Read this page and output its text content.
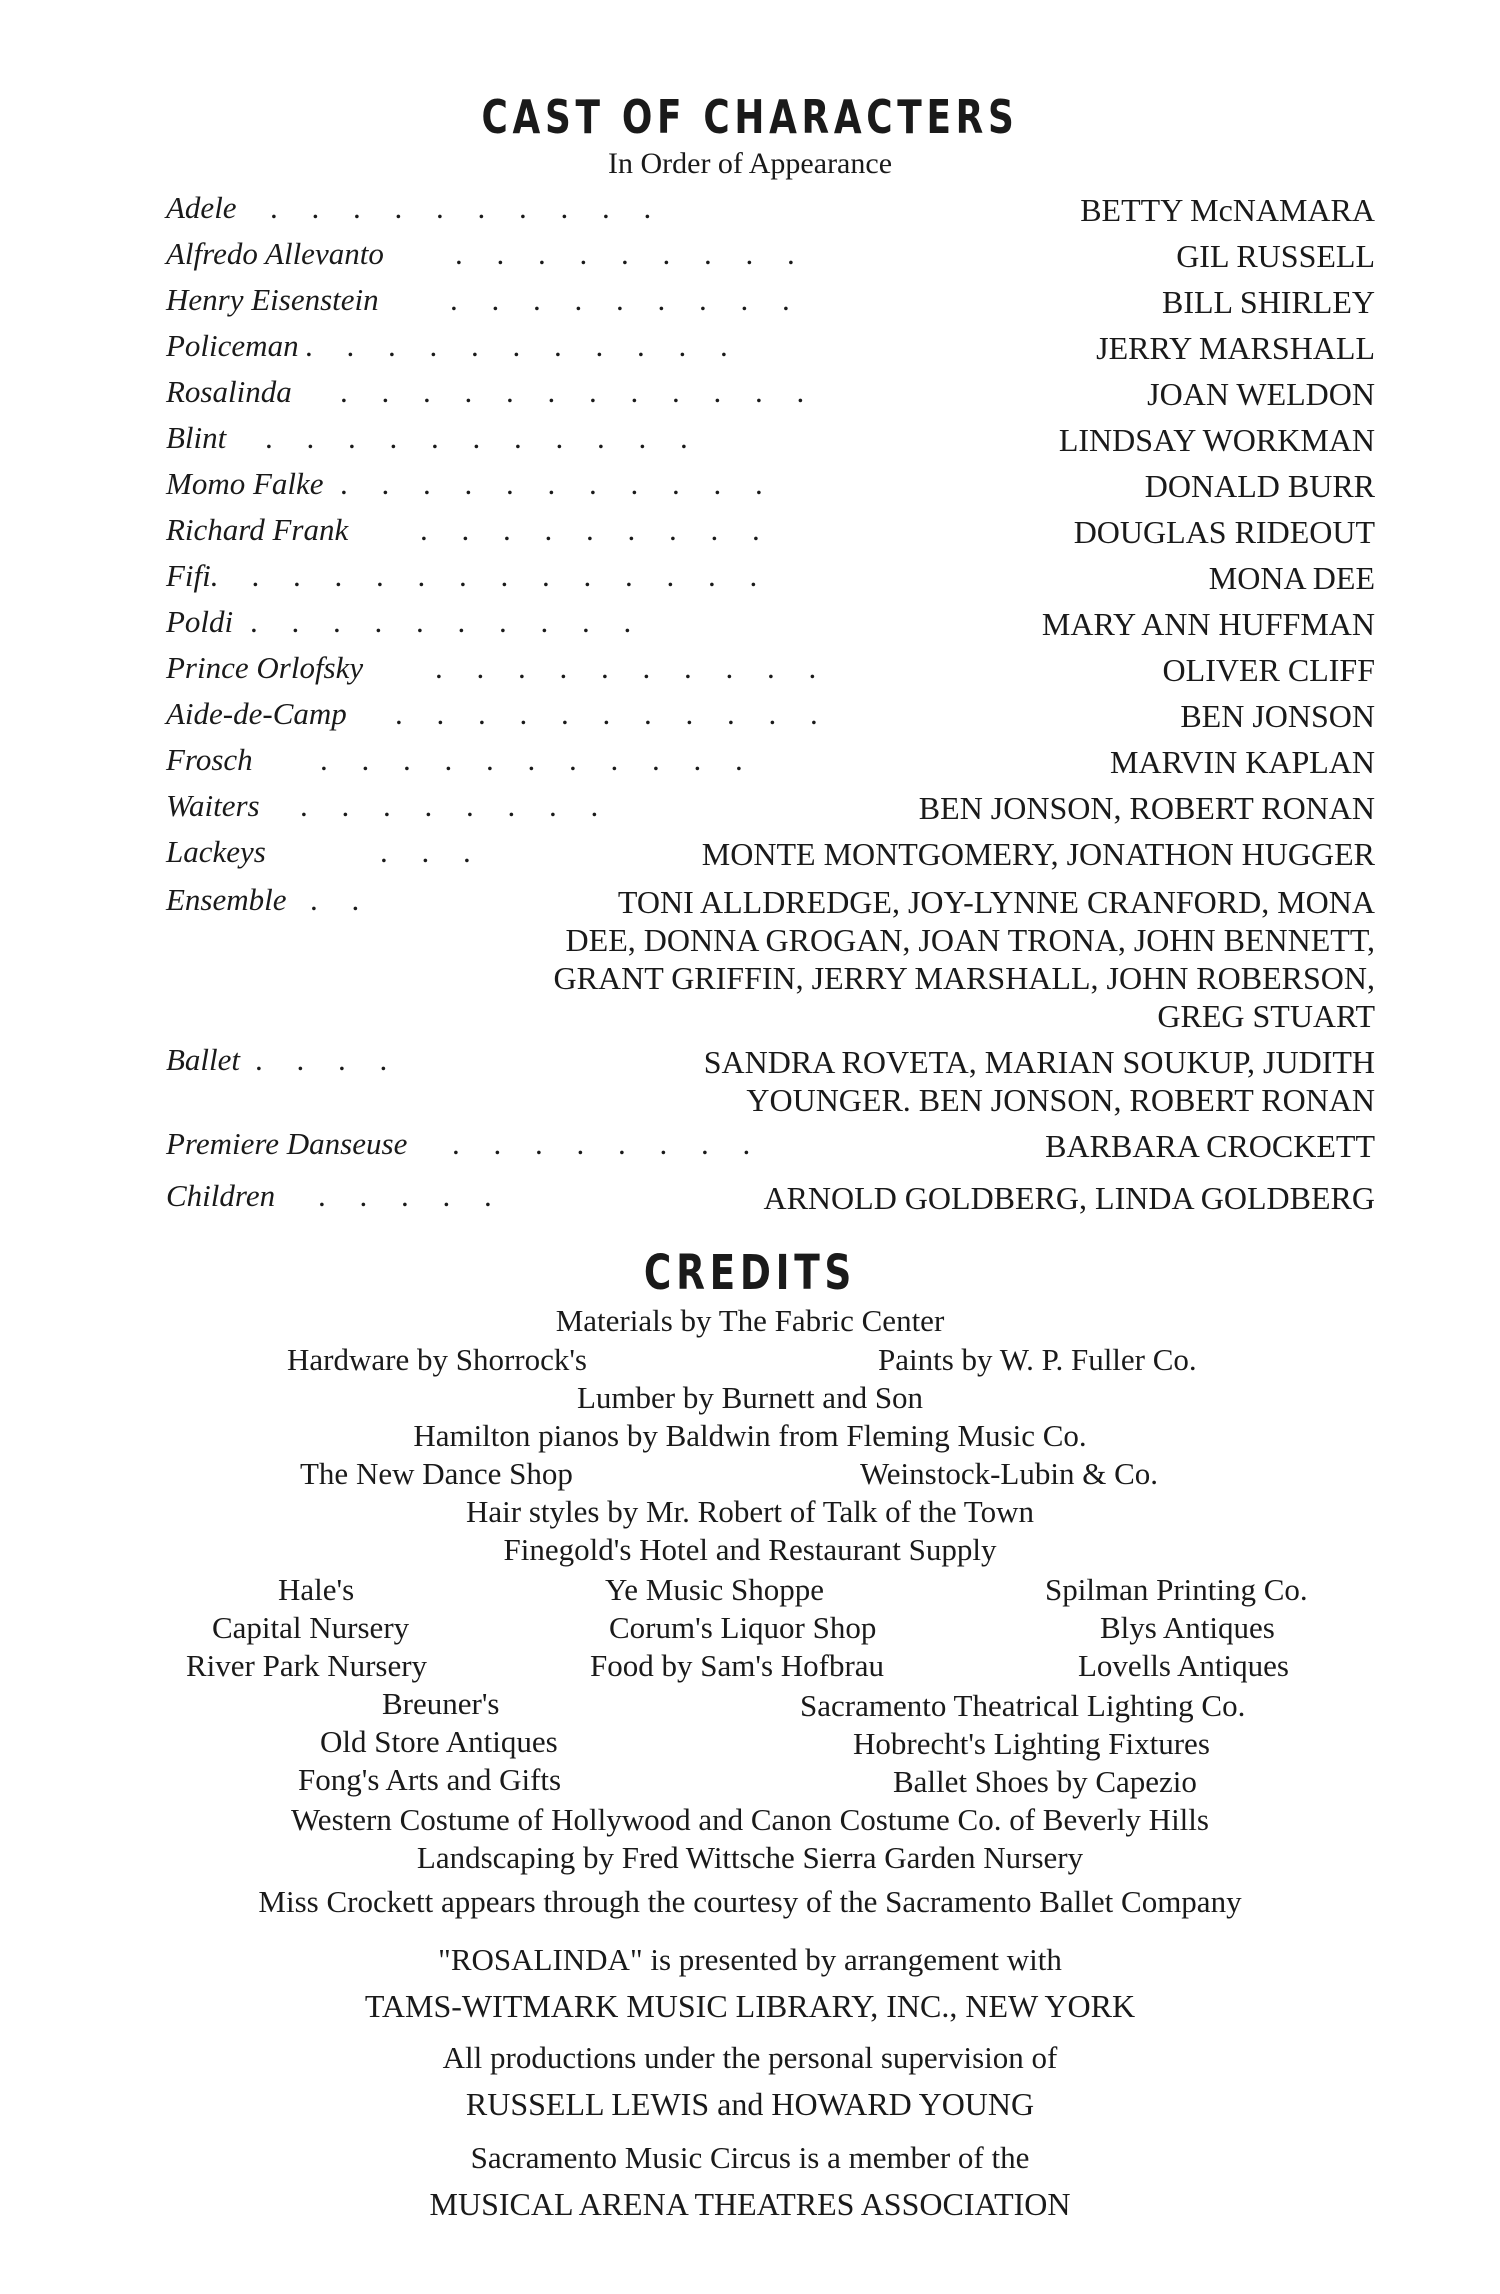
CAST OF CHARACTERS
In Order of Appearance
Adele . . . . . . . . . .	BETTY McNAMARA
Alfredo Allevanto . . . . . . . . .	GIL RUSSELL
Henry Eisenstein . . . . . . . . .	BILL SHIRLEY
Policeman . . . . . . . . . . .	JERRY MARSHALL
Rosalinda . . . . . . . . . . . .	JOAN WELDON
Blint . . . . . . . . . . .	LINDSAY WORKMAN
Momo Falke . . . . . . . . . . .	DONALD BURR
Richard Frank . . . . . . . . .	DOUGLAS RIDEOUT
Fifi . . . . . . . . . . . . . .	MONA DEE
Poldi . . . . . . . . . .	MARY ANN HUFFMAN
Prince Orlofsky . . . . . . . . . .	OLIVER CLIFF
Aide-de-Camp . . . . . . . . . . .	BEN JONSON
Frosch . . . . . . . . . . .	MARVIN KAPLAN
Waiters . . . . . . . .	BEN JONSON, ROBERT RONAN
Lackeys	. . .	MONTE MONTGOMERY, JONATHON HUGGER
Ensemble . .	TONI ALLDREDGE, JOY-LYNNE CRANFORD, MONA
DEE, DONNA GROGAN, JOAN TRONA, JOHN BENNETT,
GRANT GRIFFIN, JERRY MARSHALL, JOHN ROBERSON,
GREG STUART
Ballet . . . .	SANDRA ROVETA, MARIAN SOUKUP, JUDITH
YOUNGER. BEN JONSON, ROBERT RONAN
Premiere Danseuse . . . . . . . .	BARBARA CROCKETT
Children . . . . .	ARNOLD GOLDBERG, LINDA GOLDBERG
CREDITS
Materials by The Fabric Center
Hardware by Shorrock's	Paints by W. P. Fuller Co.
Lumber by Burnett and Son
Hamilton pianos by Baldwin from Fleming Music Co.
The New Dance Shop	Weinstock-Lubin & Co.
Hair styles by Mr. Robert of Talk of the Town
Finegold's Hotel and Restaurant Supply
Hale's	Ye Music Shoppe	Spilman Printing Co.
Capital Nursery	Corum's Liquor Shop	Blys Antiques
River Park Nursery	Food by Sam's Hofbrau	Lovells Antiques
Breuner's	Sacramento Theatrical Lighting Co.
Old Store Antiques	Hobrecht's Lighting Fixtures
Fong's Arts and Gifts	Ballet Shoes by Capezio
Western Costume of Hollywood and Canon Costume Co. of Beverly Hills
Landscaping by Fred Wittsche Sierra Garden Nursery
Miss Crockett appears through the courtesy of the Sacramento Ballet Company
"ROSALINDA" is presented by arrangement with
TAMS-WITMARK MUSIC LIBRARY, INC., NEW YORK
All productions under the personal supervision of
RUSSELL LEWIS and HOWARD YOUNG
Sacramento Music Circus is a member of the
MUSICAL ARENA THEATRES ASSOCIATION
